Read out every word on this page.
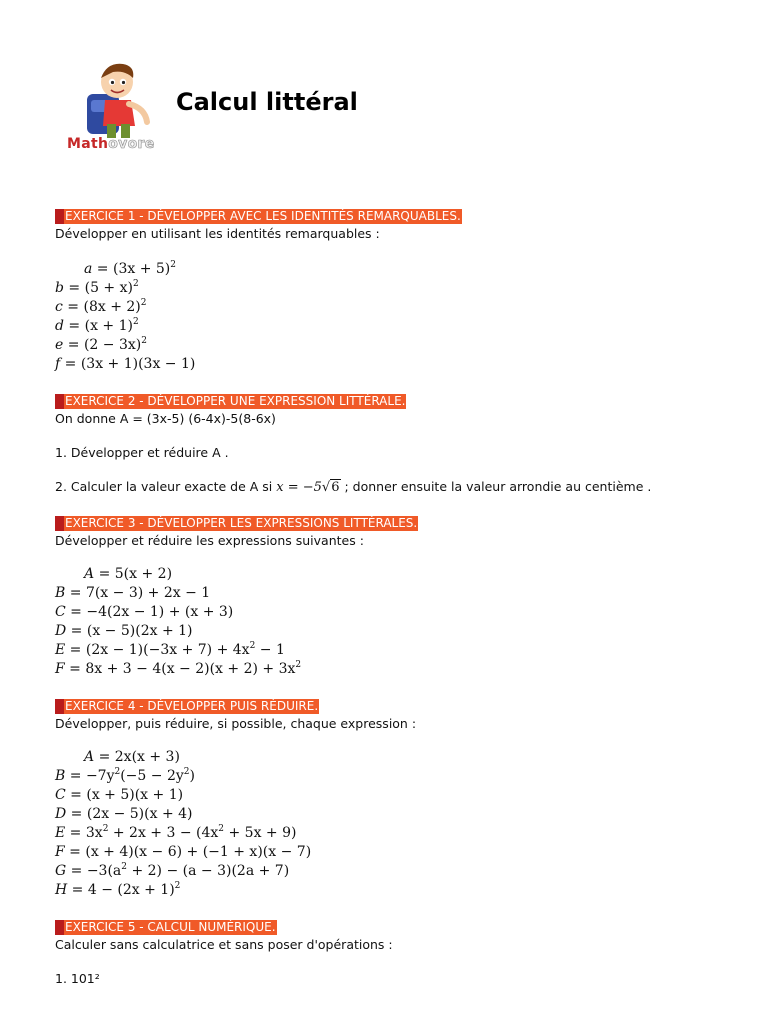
Mathovore
Calcul littéral
EXERCICE 1 - DÉVELOPPER AVEC LES IDENTITÉS REMARQUABLES.
Développer en utilisant les identités remarquables :
$a = (3x + 5)^2$
$b = (5 + x)^2$
$c = (8x + 2)^2$
$d = (x + 1)^2$
$e = (2 - 3x)^2$
f = (3x + 1)(3x − 1)
EXERCICE 2 - DÉVELOPPER UNE EXPRESSION LITTÉRALE.
On donne A = (3x-5) (6-4x)-5(8-6x)
1. Développer et réduire A .
2. Calculer la valeur exacte de A si x = −5√6 ; donner ensuite la valeur arrondie au centième .
EXERCICE 3 - DÉVELOPPER LES EXPRESSIONS LITTÉRALES.
Développer et réduire les expressions suivantes :
A = 5(x + 2)
B = 7(x − 3) + 2x − 1
C = −4(2x − 1) + (x + 3)
D = (x − 5)(2x + 1)
$E = (2x - 1)(-3x + 7) + 4x^2 - 1$
$F = 8x + 3 - 4(x - 2)(x + 2) + 3x^2$
EXERCICE 4 - DÉVELOPPER PUIS RÉDUIRE.
Développer, puis réduire, si possible, chaque expression :
A = 2x(x + 3)
$B = -7y^2(-5 - 2y^2)$
C = (x + 5)(x + 1)
D = (2x − 5)(x + 4)
$E = 3x^2 + 2x + 3 - (4x^2 + 5x + 9)$
F = (x + 4)(x − 6) + (−1 + x)(x − 7)
$G = -3(a^2 + 2) - (a - 3)(2a + 7)$
$H = 4 - (2x + 1)^2$
EXERCICE 5 - CALCUL NUMÉRIQUE.
Calculer sans calculatrice et sans poser d'opérations :
1. 101²
